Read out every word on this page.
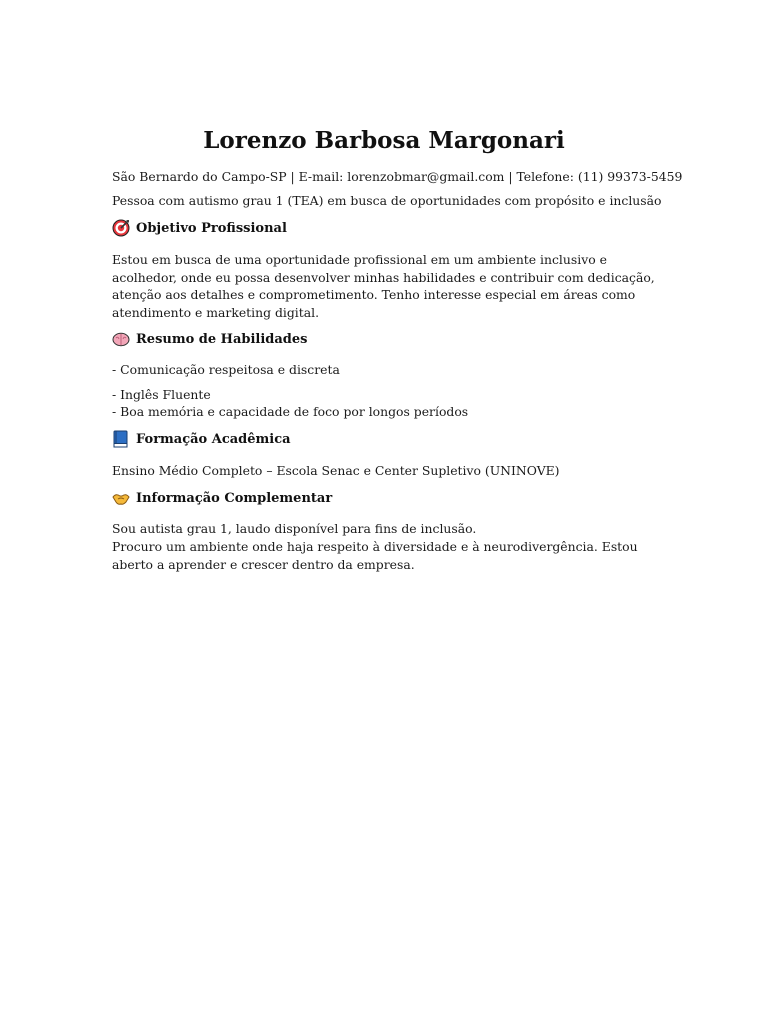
Lorenzo Barbosa Margonari
São Bernardo do Campo-SP | E-mail: lorenzobmar@gmail.com | Telefone: (11) 99373-5459
Pessoa com autismo grau 1 (TEA) em busca de oportunidades com propósito e inclusão
Objetivo Profissional
Estou em busca de uma oportunidade profissional em um ambiente inclusivo e acolhedor, onde eu possa desenvolver minhas habilidades e contribuir com dedicação, atenção aos detalhes e comprometimento. Tenho interesse especial em áreas como atendimento e marketing digital.
Resumo de Habilidades
- Comunicação respeitosa e discreta
- Inglês Fluente
- Boa memória e capacidade de foco por longos períodos
Formação Acadêmica
Ensino Médio Completo – Escola Senac e Center Supletivo (UNINOVE)
Informação Complementar
Sou autista grau 1, laudo disponível para fins de inclusão.
Procuro um ambiente onde haja respeito à diversidade e à neurodivergência. Estou aberto a aprender e crescer dentro da empresa.
